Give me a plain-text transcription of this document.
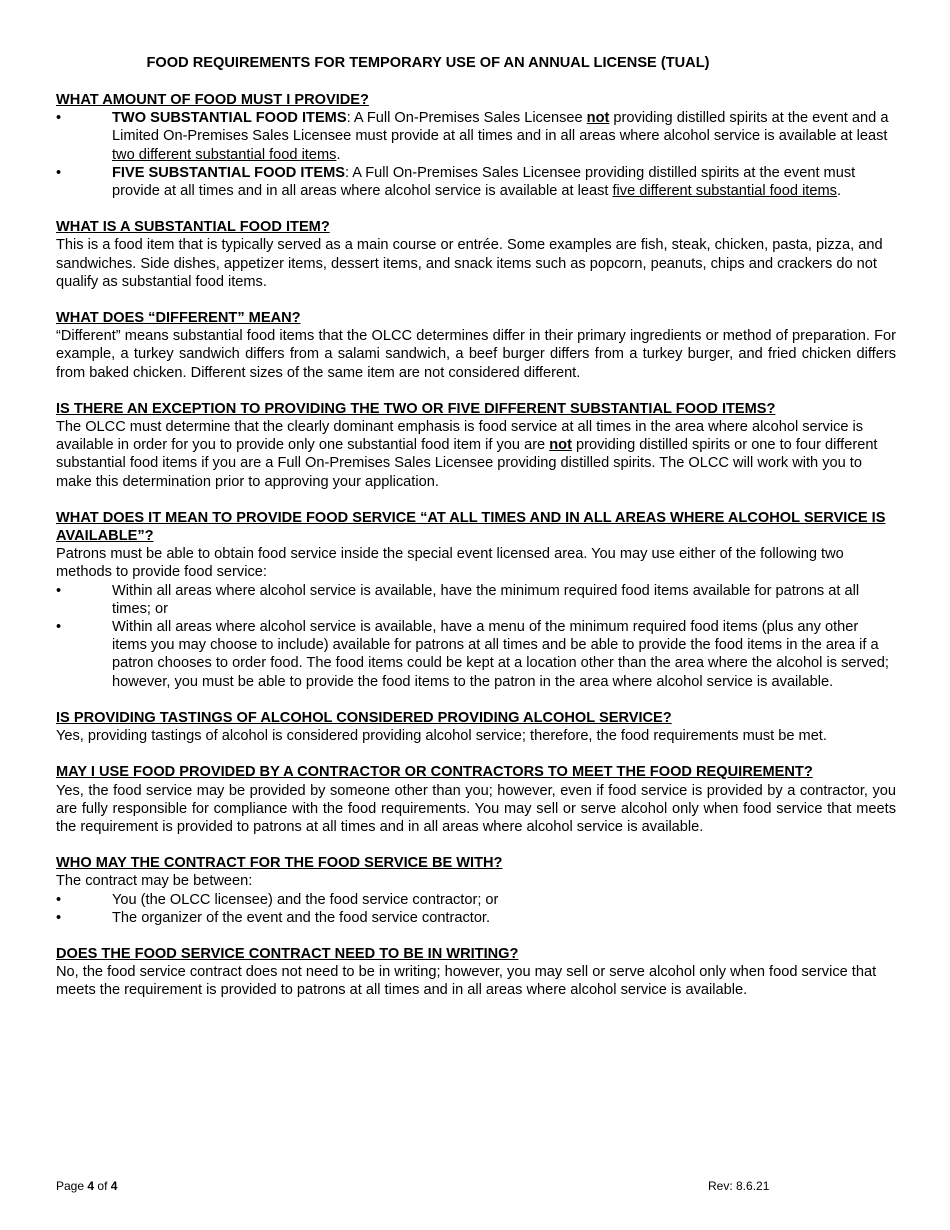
FOOD REQUIREMENTS FOR TEMPORARY USE OF AN ANNUAL LICENSE (TUAL)
WHAT AMOUNT OF FOOD MUST I PROVIDE?
•	TWO SUBSTANTIAL FOOD ITEMS: A Full On-Premises Sales Licensee not providing distilled spirits at the event and a Limited On-Premises Sales Licensee must provide at all times and in all areas where alcohol service is available at least two different substantial food items.
•	FIVE SUBSTANTIAL FOOD ITEMS: A Full On-Premises Sales Licensee providing distilled spirits at the event must provide at all times and in all areas where alcohol service is available at least five different substantial food items.
WHAT IS A SUBSTANTIAL FOOD ITEM?
This is a food item that is typically served as a main course or entrée. Some examples are fish, steak, chicken, pasta, pizza, and sandwiches. Side dishes, appetizer items, dessert items, and snack items such as popcorn, peanuts, chips and crackers do not qualify as substantial food items.
WHAT DOES “DIFFERENT” MEAN?
“Different” means substantial food items that the OLCC determines differ in their primary ingredients or method of preparation. For example, a turkey sandwich differs from a salami sandwich, a beef burger differs from a turkey burger, and fried chicken differs from baked chicken. Different sizes of the same item are not considered different.
IS THERE AN EXCEPTION TO PROVIDING THE TWO OR FIVE DIFFERENT SUBSTANTIAL FOOD ITEMS?
The OLCC must determine that the clearly dominant emphasis is food service at all times in the area where alcohol service is available in order for you to provide only one substantial food item if you are not providing distilled spirits or one to four different substantial food items if you are a Full On-Premises Sales Licensee providing distilled spirits. The OLCC will work with you to make this determination prior to approving your application.
WHAT DOES IT MEAN TO PROVIDE FOOD SERVICE “AT ALL TIMES AND IN ALL AREAS WHERE ALCOHOL SERVICE IS AVAILABLE”?
Patrons must be able to obtain food service inside the special event licensed area. You may use either of the following two methods to provide food service:
•	Within all areas where alcohol service is available, have the minimum required food items available for patrons at all times; or
•	Within all areas where alcohol service is available, have a menu of the minimum required food items (plus any other items you may choose to include) available for patrons at all times and be able to provide the food items in the area if a patron chooses to order food. The food items could be kept at a location other than the area where the alcohol is served; however, you must be able to provide the food items to the patron in the area where alcohol service is available.
IS PROVIDING TASTINGS OF ALCOHOL CONSIDERED PROVIDING ALCOHOL SERVICE?
Yes, providing tastings of alcohol is considered providing alcohol service; therefore, the food requirements must be met.
MAY I USE FOOD PROVIDED BY A CONTRACTOR OR CONTRACTORS TO MEET THE FOOD REQUIREMENT?
Yes, the food service may be provided by someone other than you; however, even if food service is provided by a contractor, you are fully responsible for compliance with the food requirements. You may sell or serve alcohol only when food service that meets the requirement is provided to patrons at all times and in all areas where alcohol service is available.
WHO MAY THE CONTRACT FOR THE FOOD SERVICE BE WITH?
The contract may be between:
•	You (the OLCC licensee) and the food service contractor; or
•	The organizer of the event and the food service contractor.
DOES THE FOOD SERVICE CONTRACT NEED TO BE IN WRITING?
No, the food service contract does not need to be in writing; however, you may sell or serve alcohol only when food service that meets the requirement is provided to patrons at all times and in all areas where alcohol service is available.
Page 4 of 4	Rev: 8.6.21
